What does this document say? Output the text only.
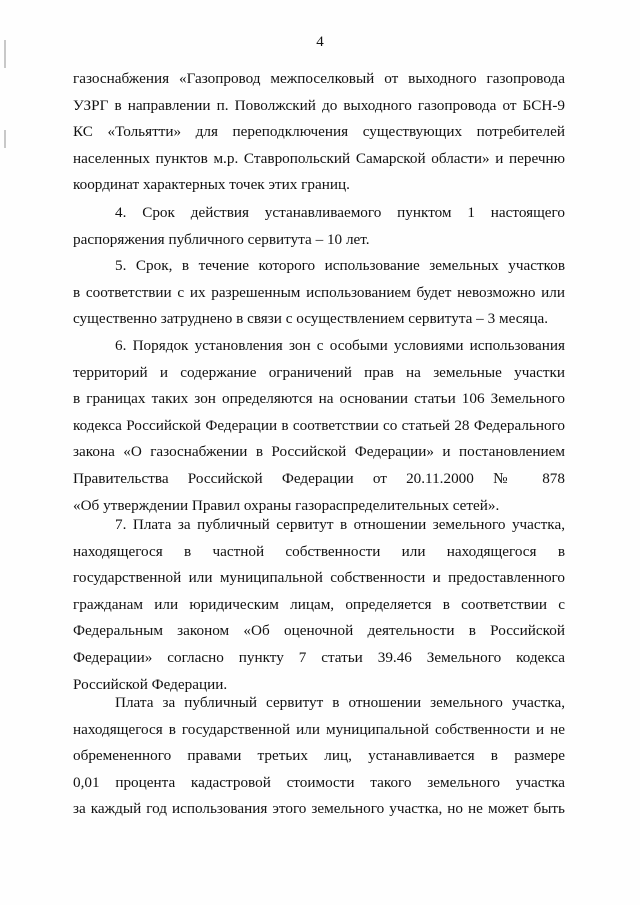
4
газоснабжения «Газопровод межпоселковый от выходного газопровода
УЗРГ в направлении п. Поволжский до выходного газопровода от БСН-9
КС «Тольятти» для переподключения существующих потребителей
населенных пунктов м.р. Ставропольский Самарской области» и перечню
координат характерных точек этих границ.
4. Срок действия устанавливаемого пунктом 1 настоящего
распоряжения публичного сервитута – 10 лет.
5. Срок, в течение которого использование земельных участков
в соответствии с их разрешенным использованием будет невозможно или
существенно затруднено в связи с осуществлением сервитута – 3 месяца.
6. Порядок установления зон с особыми условиями использования
территорий и содержание ограничений прав на земельные участки
в границах таких зон определяются на основании статьи 106 Земельного
кодекса Российской Федерации в соответствии со статьей 28 Федерального
закона «О газоснабжении в Российской Федерации» и постановлением
Правительства Российской Федерации от 20.11.2000 № 878
«Об утверждении Правил охраны газораспределительных сетей».
7. Плата за публичный сервитут в отношении земельного участка,
находящегося в частной собственности или находящегося в
государственной или муниципальной собственности и предоставленного
гражданам или юридическим лицам, определяется в соответствии с
Федеральным законом «Об оценочной деятельности в Российской
Федерации» согласно пункту 7 статьи 39.46 Земельного кодекса
Российской Федерации.
Плата за публичный сервитут в отношении земельного участка,
находящегося в государственной или муниципальной собственности и не
обремененного правами третьих лиц, устанавливается в размере
0,01 процента кадастровой стоимости такого земельного участка
за каждый год использования этого земельного участка, но не может быть
